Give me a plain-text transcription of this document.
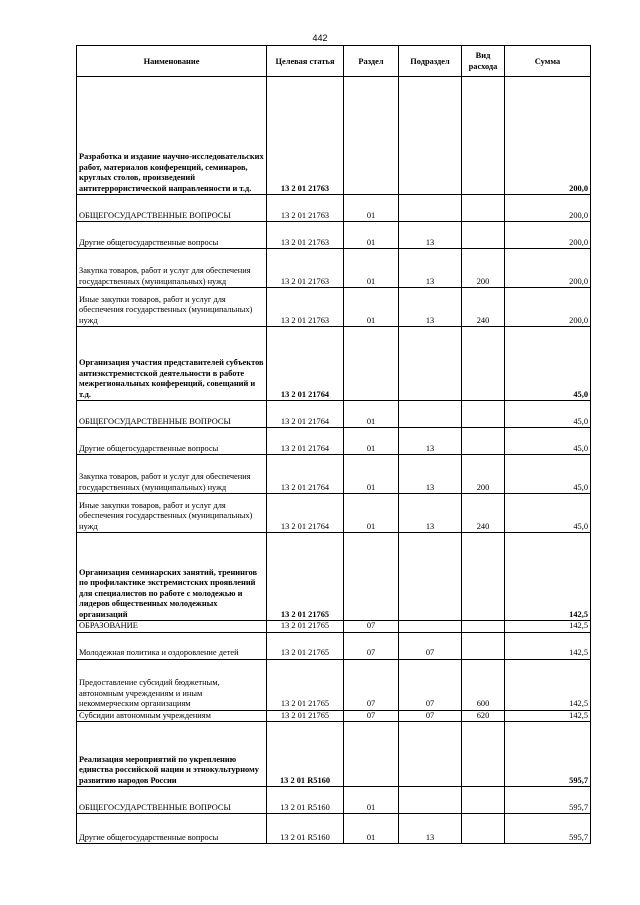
442
Наименование	Целевая статья	Раздел	Подраздел	Вид расхода	Сумма
Разработка и издание научно-исследовательских работ, материалов конференций, семинаров, круглых столов, произведений антитеррористической направленности и т.д.	13 2 01 21763				200,0
ОБЩЕГОСУДАРСТВЕННЫЕ ВОПРОСЫ	13 2 01 21763	01			200,0
Другие общегосударственные вопросы	13 2 01 21763	01	13		200,0
Закупка товаров, работ и услуг для обеспечения государственных (муниципальных) нужд	13 2 01 21763	01	13	200	200,0
Иные закупки товаров, работ и услуг для обеспечения государственных (муниципальных) нужд	13 2 01 21763	01	13	240	200,0
Организация участия представителей субъектов антиэкстремистской деятельности в работе межрегиональных конференций, совещаний и т.д.	13 2 01 21764				45,0
ОБЩЕГОСУДАРСТВЕННЫЕ ВОПРОСЫ	13 2 01 21764	01			45,0
Другие общегосударственные вопросы	13 2 01 21764	01	13		45,0
Закупка товаров, работ и услуг для обеспечения государственных (муниципальных) нужд	13 2 01 21764	01	13	200	45,0
Иные закупки товаров, работ и услуг для обеспечения государственных (муниципальных) нужд	13 2 01 21764	01	13	240	45,0
Организация семинарских занятий, тренингов по профилактике экстремистских проявлений для специалистов по работе с молодежью и лидеров общественных молодежных организаций	13 2 01 21765				142,5
ОБРАЗОВАНИЕ	13 2 01 21765	07			142,5
Молодежная политика и оздоровление детей	13 2 01 21765	07	07		142,5
Предоставление субсидий бюджетным, автономным учреждениям и иным некоммерческим организациям	13 2 01 21765	07	07	600	142,5
Субсидии автономным учреждениям	13 2 01 21765	07	07	620	142,5
Реализация мероприятий по укреплению единства российской нации и этнокультурному развитию народов России	13 2 01 R5160				595,7
ОБЩЕГОСУДАРСТВЕННЫЕ ВОПРОСЫ	13 2 01 R5160	01			595,7
Другие общегосударственные вопросы	13 2 01 R5160	01	13		595,7
